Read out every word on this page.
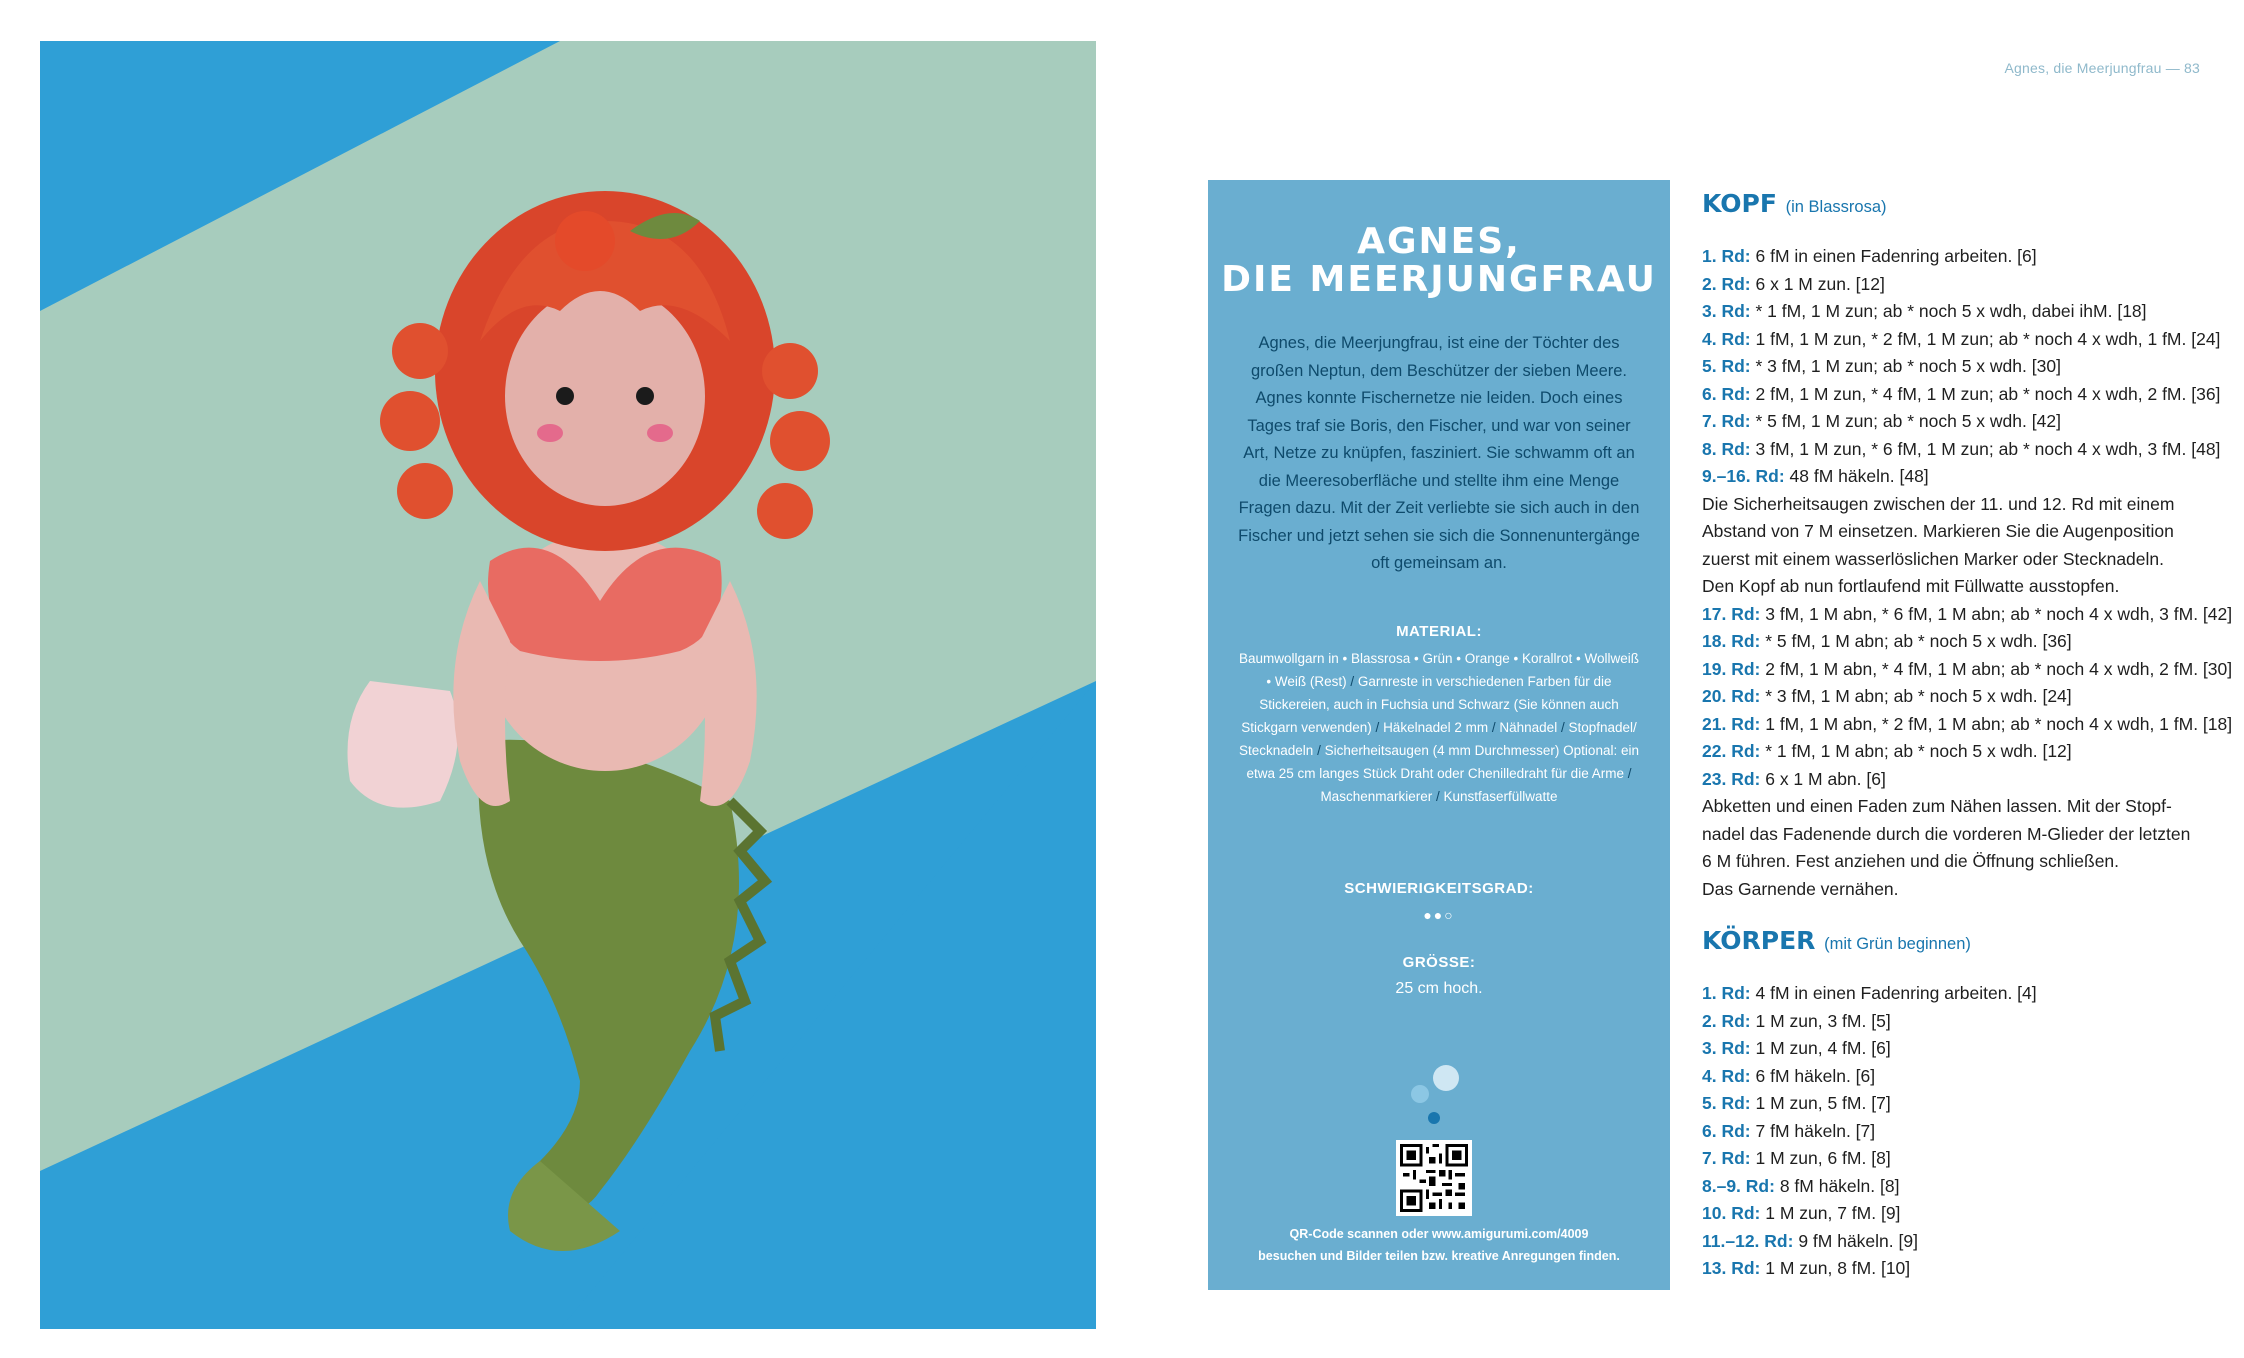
Agnes, die Meerjungfrau — 83
AGNES,
DIE MEERJUNGFRAU
Agnes, die Meerjungfrau, ist eine der Töchter des großen Neptun, dem Beschützer der sieben Meere. Agnes konnte Fischernetze nie leiden. Doch eines Tages traf sie Boris, den Fischer, und war von seiner Art, Netze zu knüpfen, fasziniert. Sie schwamm oft an die Meeresoberfläche und stellte ihm eine Menge Fragen dazu. Mit der Zeit verliebte sie sich auch in den Fischer und jetzt sehen sie sich die Sonnenuntergänge oft gemeinsam an.
MATERIAL:
Baumwollgarn in • Blassrosa • Grün • Orange • Korallrot • Wollweiß • Weiß (Rest) / Garnreste in verschiedenen Farben für die Stickereien, auch in Fuchsia und Schwarz (Sie können auch Stickgarn verwenden) / Häkelnadel 2 mm / Nähnadel / Stopfnadel/ Stecknadeln / Sicherheitsaugen (4 mm Durchmesser) Optional: ein etwa 25 cm langes Stück Draht oder Chenilledraht für die Arme / Maschenmarkierer / Kunstfaserfüllwatte
SCHWIERIGKEITSGRAD:
●●○
GRÖSSE:
25 cm hoch.
QR-Code scannen oder www.amigurumi.com/4009
besuchen und Bilder teilen bzw. kreative Anregungen finden.
KOPF (in Blassrosa)
1. Rd: 6 fM in einen Fadenring arbeiten. [6]
2. Rd: 6 x 1 M zun. [12]
3. Rd: * 1 fM, 1 M zun; ab * noch 5 x wdh, dabei ihM. [18]
4. Rd: 1 fM, 1 M zun, * 2 fM, 1 M zun; ab * noch 4 x wdh, 1 fM. [24]
5. Rd: * 3 fM, 1 M zun; ab * noch 5 x wdh. [30]
6. Rd: 2 fM, 1 M zun, * 4 fM, 1 M zun; ab * noch 4 x wdh, 2 fM. [36]
7. Rd: * 5 fM, 1 M zun; ab * noch 5 x wdh. [42]
8. Rd: 3 fM, 1 M zun, * 6 fM, 1 M zun; ab * noch 4 x wdh, 3 fM. [48]
9.–16. Rd: 48 fM häkeln. [48]
Die Sicherheitsaugen zwischen der 11. und 12. Rd mit einem
Abstand von 7 M einsetzen. Markieren Sie die Augenposition
zuerst mit einem wasserlöslichen Marker oder Stecknadeln.
Den Kopf ab nun fortlaufend mit Füllwatte ausstopfen.
17. Rd: 3 fM, 1 M abn, * 6 fM, 1 M abn; ab * noch 4 x wdh, 3 fM. [42]
18. Rd: * 5 fM, 1 M abn; ab * noch 5 x wdh. [36]
19. Rd: 2 fM, 1 M abn, * 4 fM, 1 M abn; ab * noch 4 x wdh, 2 fM. [30]
20. Rd: * 3 fM, 1 M abn; ab * noch 5 x wdh. [24]
21. Rd: 1 fM, 1 M abn, * 2 fM, 1 M abn; ab * noch 4 x wdh, 1 fM. [18]
22. Rd: * 1 fM, 1 M abn; ab * noch 5 x wdh. [12]
23. Rd: 6 x 1 M abn. [6]
Abketten und einen Faden zum Nähen lassen. Mit der Stopf-
nadel das Fadenende durch die vorderen M-Glieder der letzten
6 M führen. Fest anziehen und die Öffnung schließen.
Das Garnende vernähen.
KÖRPER (mit Grün beginnen)
1. Rd: 4 fM in einen Fadenring arbeiten. [4]
2. Rd: 1 M zun, 3 fM. [5]
3. Rd: 1 M zun, 4 fM. [6]
4. Rd: 6 fM häkeln. [6]
5. Rd: 1 M zun, 5 fM. [7]
6. Rd: 7 fM häkeln. [7]
7. Rd: 1 M zun, 6 fM. [8]
8.–9. Rd: 8 fM häkeln. [8]
10. Rd: 1 M zun, 7 fM. [9]
11.–12. Rd: 9 fM häkeln. [9]
13. Rd: 1 M zun, 8 fM. [10]
